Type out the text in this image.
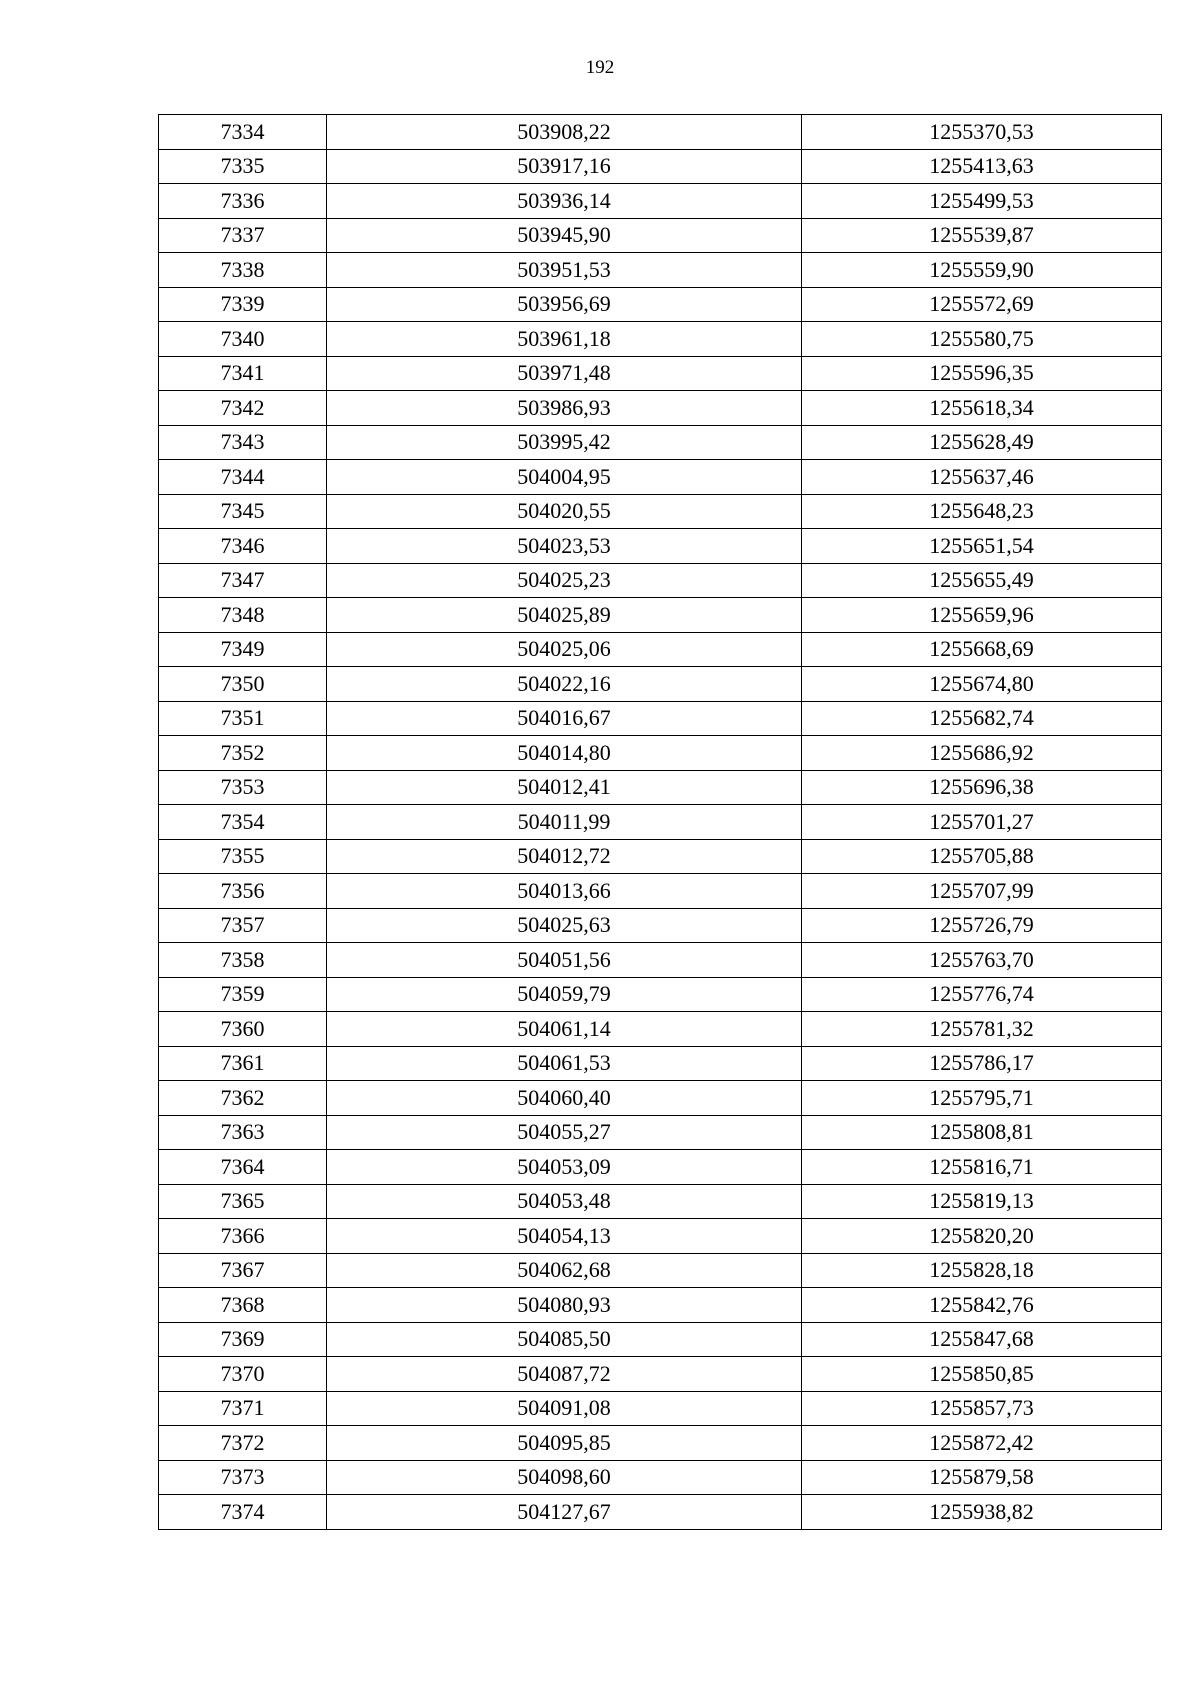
192
7334	503908,22	1255370,53
7335	503917,16	1255413,63
7336	503936,14	1255499,53
7337	503945,90	1255539,87
7338	503951,53	1255559,90
7339	503956,69	1255572,69
7340	503961,18	1255580,75
7341	503971,48	1255596,35
7342	503986,93	1255618,34
7343	503995,42	1255628,49
7344	504004,95	1255637,46
7345	504020,55	1255648,23
7346	504023,53	1255651,54
7347	504025,23	1255655,49
7348	504025,89	1255659,96
7349	504025,06	1255668,69
7350	504022,16	1255674,80
7351	504016,67	1255682,74
7352	504014,80	1255686,92
7353	504012,41	1255696,38
7354	504011,99	1255701,27
7355	504012,72	1255705,88
7356	504013,66	1255707,99
7357	504025,63	1255726,79
7358	504051,56	1255763,70
7359	504059,79	1255776,74
7360	504061,14	1255781,32
7361	504061,53	1255786,17
7362	504060,40	1255795,71
7363	504055,27	1255808,81
7364	504053,09	1255816,71
7365	504053,48	1255819,13
7366	504054,13	1255820,20
7367	504062,68	1255828,18
7368	504080,93	1255842,76
7369	504085,50	1255847,68
7370	504087,72	1255850,85
7371	504091,08	1255857,73
7372	504095,85	1255872,42
7373	504098,60	1255879,58
7374	504127,67	1255938,82
